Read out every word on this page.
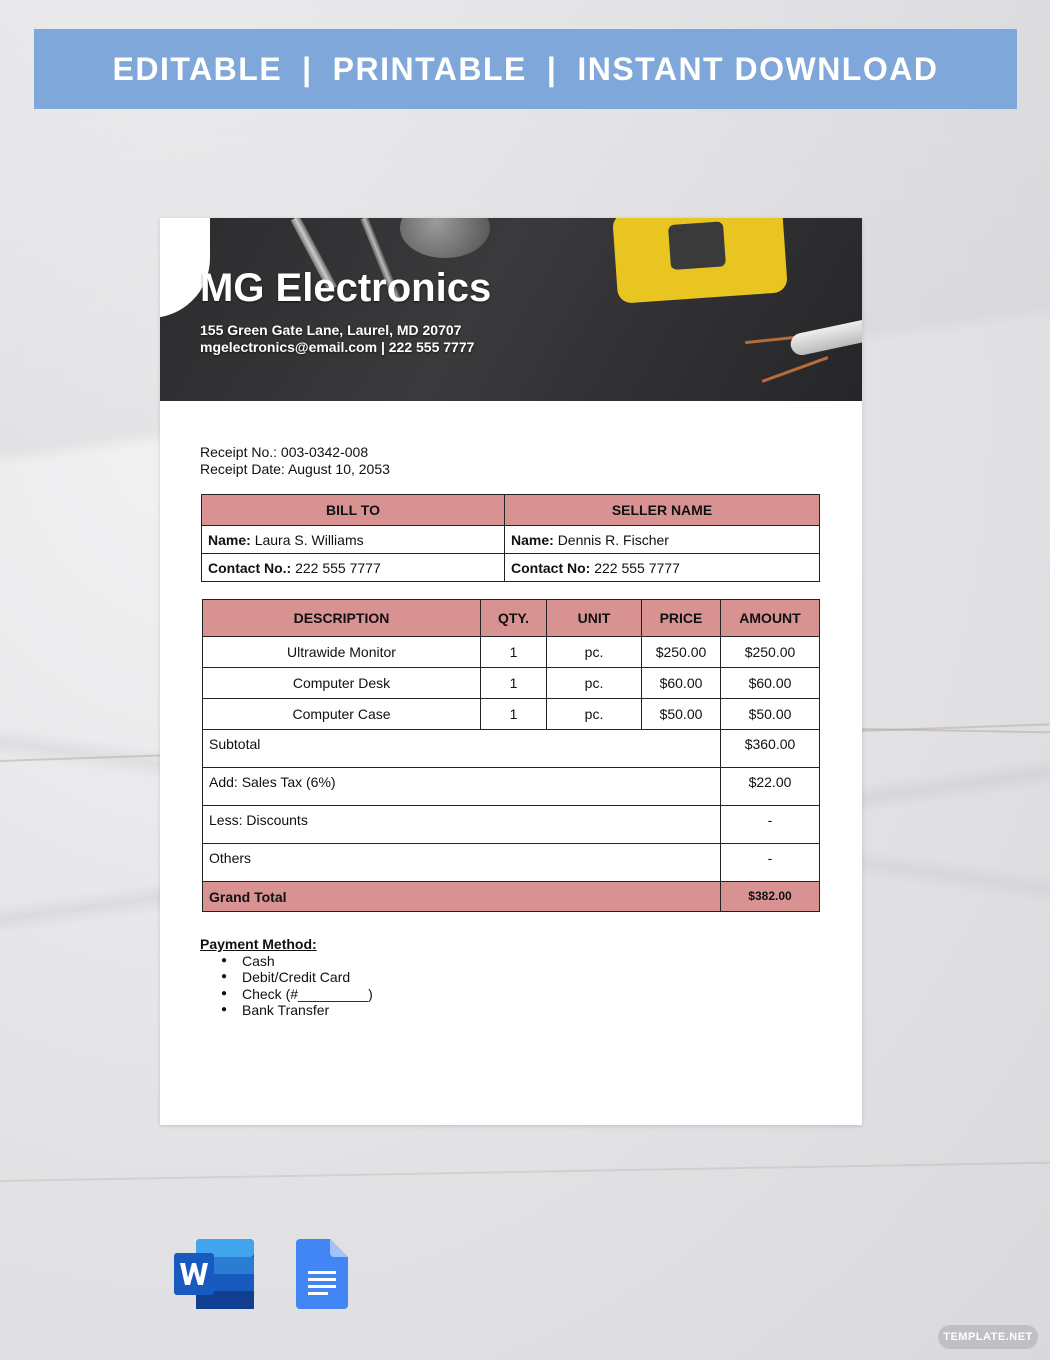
EDITABLE | PRINTABLE | INSTANT DOWNLOAD
MG Electronics
155 Green Gate Lane, Laurel, MD 20707
mgelectronics@email.com | 222 555 7777
Receipt No.: 003-0342-008
Receipt Date: August 10, 2053
BILL TO	SELLER NAME
Name: Laura S. Williams	Name: Dennis R. Fischer
Contact No.: 222 555 7777	Contact No: 222 555 7777
DESCRIPTION	QTY.	UNIT	PRICE	AMOUNT
Ultrawide Monitor	1	pc.	$250.00	$250.00
Computer Desk	1	pc.	$60.00	$60.00
Computer Case	1	pc.	$50.00	$50.00
Subtotal				$360.00
Add: Sales Tax (6%)				$22.00
Less: Discounts				-
Others				-
Grand Total				$382.00
Payment Method:
● Cash
● Debit/Credit Card
● Check (#_________)
● Bank Transfer
TEMPLATE.NET
